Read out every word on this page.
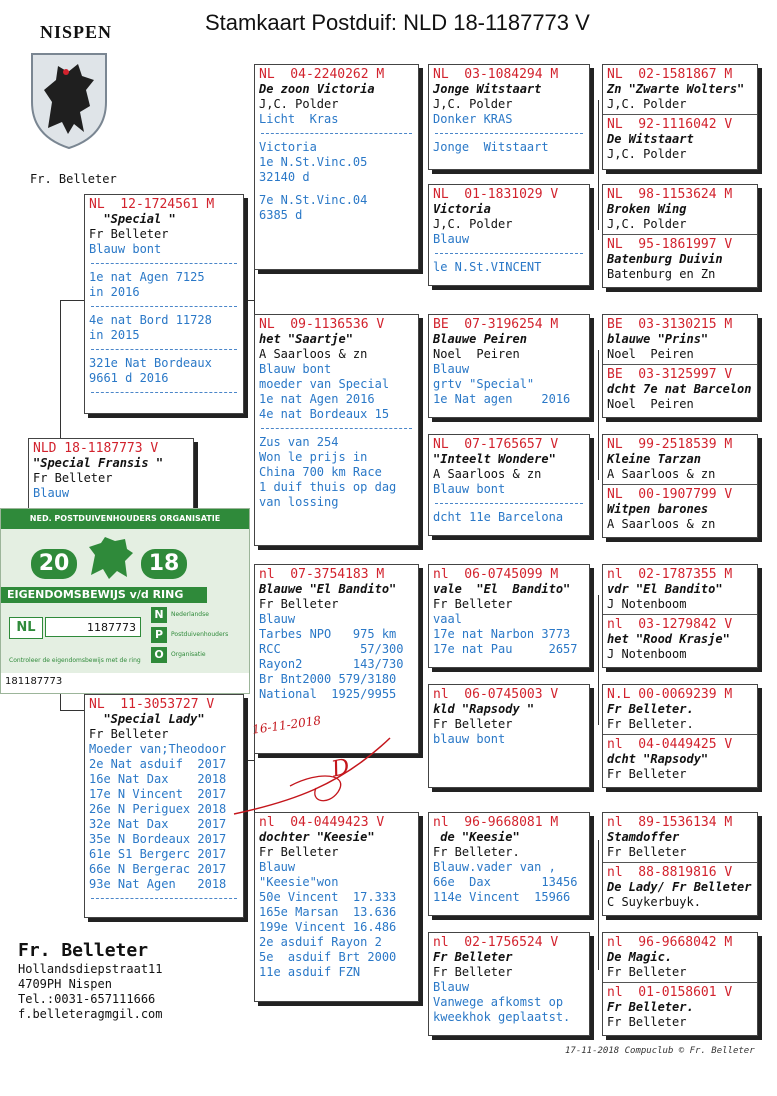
Stamkaart Postduif: NLD 18-1187773 V
NISPEN
Fr. Belleter
NLD 18-1187773 V
"Special Fransis "
Fr Belleter
Blauw
NL  12-1724561 M
"Special "
Fr Belleter
Blauw bont
1e nat Agen 7125
in 2016
4e nat Bord 11728
in 2015
321e Nat Bordeaux
9661 d 2016
NL  11-3053727 V
"Special Lady"
Fr Belleter
Moeder van;Theodoor
2e Nat asduif  2017
16e Nat Dax    2018
17e N Vincent  2017
26e N Periguex 2018
32e Nat Dax    2017
35e N Bordeaux 2017
61e S1 Bergerc 2017
66e N Bergerac 2017
93e Nat Agen   2018
NL  04-2240262 M
De zoon Victoria
J,C. Polder
Licht  Kras
Victoria
1e N.St.Vinc.05
32140 d
7e N.St.Vinc.04
6385 d
NL  09-1136536 V
het "Saartje"
A Saarloos & zn
Blauw bont
moeder van Special
1e nat Agen 2016
4e nat Bordeaux 15
Zus van 254
Won le prijs in
China 700 km Race
1 duif thuis op dag
van lossing
nl  07-3754183 M
Blauwe "El Bandito"
Fr Belleter
Blauw
Tarbes NPO   975 km
RCC           57/300
Rayon2       143/730
Br Bnt2000 579/3180
National  1925/9955
nl  04-0449423 V
dochter "Keesie"
Fr Belleter
Blauw
"Keesie"won
50e Vincent  17.333
165e Marsan  13.636
199e Vincent 16.486
2e asduif Rayon 2
5e  asduif Brt 2000
11e asduif FZN
NL  03-1084294 M
Jonge Witstaart
J,C. Polder
Donker KRAS
Jonge  Witstaart
NL  01-1831029 V
Victoria
J,C. Polder
Blauw
le N.St.VINCENT
BE  07-3196254 M
Blauwe Peiren
Noel  Peiren
Blauw
grtv "Special"
1e Nat agen    2016
NL  07-1765657 V
"Inteelt Wondere"
A Saarloos & zn
Blauw bont
dcht 11e Barcelona
nl  06-0745099 M
vale  "El  Bandito"
Fr Belleter
vaal
17e nat Narbon 3773
17e nat Pau     2657
nl  06-0745003 V
kld "Rapsody "
Fr Belleter
blauw bont
nl  96-9668081 M
de "Keesie"
Fr Belleter.
Blauw.vader van ,
66e  Dax       13456
114e Vincent  15966
nl  02-1756524 V
Fr Belleter
Fr Belleter
Blauw
Vanwege afkomst op
kweekhok geplaatst.
NL  02-1581867 M
Zn "Zwarte Wolters"
J,C. Polder
NL  92-1116042 V
De Witstaart
J,C. Polder
NL  98-1153624 M
Broken Wing
J,C. Polder
NL  95-1861997 V
Batenburg Duivin
Batenburg en Zn
BE  03-3130215 M
blauwe "Prins"
Noel  Peiren
BE  03-3125997 V
dcht 7e nat Barcelon
Noel  Peiren
NL  99-2518539 M
Kleine Tarzan
A Saarloos & zn
NL  00-1907799 V
Witpen barones
A Saarloos & zn
nl  02-1787355 M
vdr "El Bandito"
J Notenboom
nl  03-1279842 V
het "Rood Krasje"
J Notenboom
N.L 00-0069239 M
Fr Belleter.
Fr Belleter.
nl  04-0449425 V
dcht "Rapsody"
Fr Belleter
nl  89-1536134 M
Stamdoffer
Fr Belleter
nl  88-8819816 V
De Lady/ Fr Belleter
C Suykerbuyk.
nl  96-9668042 M
De Magic.
Fr Belleter
nl  01-0158601 V
Fr Belleter.
Fr Belleter
NED. POSTDUIVENHOUDERS ORGANISATIE
20	18
EIGENDOMSBEWIJS v/d RING
NL	1187773
N
P
O
Nederlandse
Postduivenhouders
Organisatie
Controleer de eigendomsbewijs met de ring
181187773
16-11-2018
D
Fr. Belleter
Hollandsdiepstraat11
4709PH Nispen
Tel.:0031-657111666
f.belleteragmgil.com
17-11-2018 Compuclub © Fr. Belleter
